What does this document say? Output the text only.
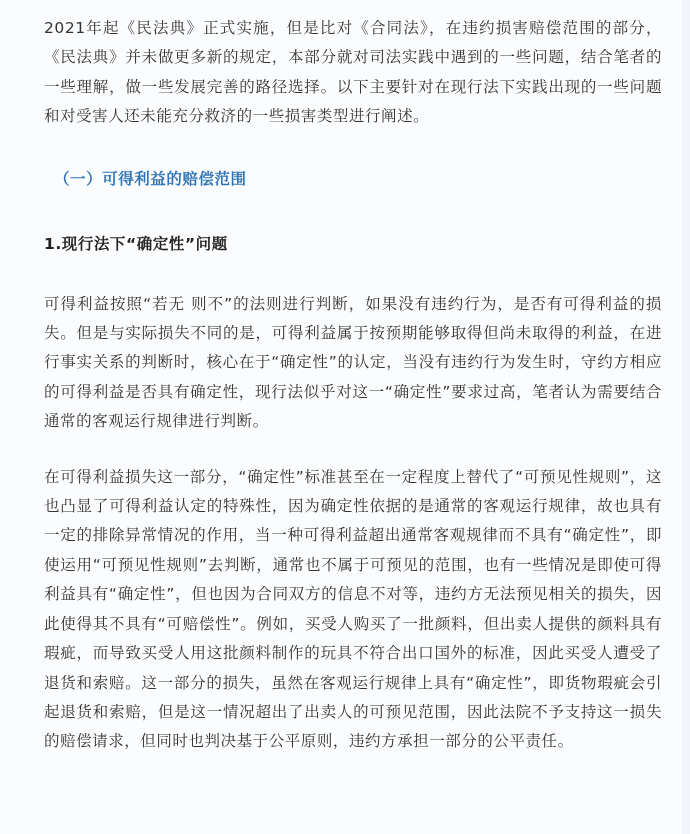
2021年起《民法典》正式实施，但是比对《合同法》，在违约损害赔偿范围的部分，《民法典》并未做更多新的规定，本部分就对司法实践中遇到的一些问题，结合笔者的一些理解，做一些发展完善的路径选择。以下主要针对在现行法下实践出现的一些问题和对受害人还未能充分救济的一些损害类型进行阐述。

（一）可得利益的赔偿范围
1.现行法下“确定性”问题

可得利益按照“若无 则不”的法则进行判断，如果没有违约行为，是否有可得利益的损失。但是与实际损失不同的是，可得利益属于按预期能够取得但尚未取得的利益，在进行事实关系的判断时，核心在于“确定性”的认定，当没有违约行为发生时，守约方相应的可得利益是否具有确定性，现行法似乎对这一“确定性”要求过高，笔者认为需要结合通常的客观运行规律进行判断。

在可得利益损失这一部分，“确定性”标准甚至在一定程度上替代了“可预见性规则”，这也凸显了可得利益认定的特殊性，因为确定性依据的是通常的客观运行规律，故也具有一定的排除异常情况的作用，当一种可得利益超出通常客观规律而不具有“确定性”，即使运用“可预见性规则”去判断，通常也不属于可预见的范围，也有一些情况是即使可得利益具有“确定性”，但也因为合同双方的信息不对等，违约方无法预见相关的损失，因此使得其不具有“可赔偿性”。例如，买受人购买了一批颜料，但出卖人提供的颜料具有瑕疵，而导致买受人用这批颜料制作的玩具不符合出口国外的标准，因此买受人遭受了退货和索赔。这一部分的损失，虽然在客观运行规律上具有“确定性”，即货物瑕疵会引起退货和索赔，但是这一情况超出了出卖人的可预见范围，因此法院不予支持这一损失的赔偿请求，但同时也判决基于公平原则，违约方承担一部分的公平责任。
